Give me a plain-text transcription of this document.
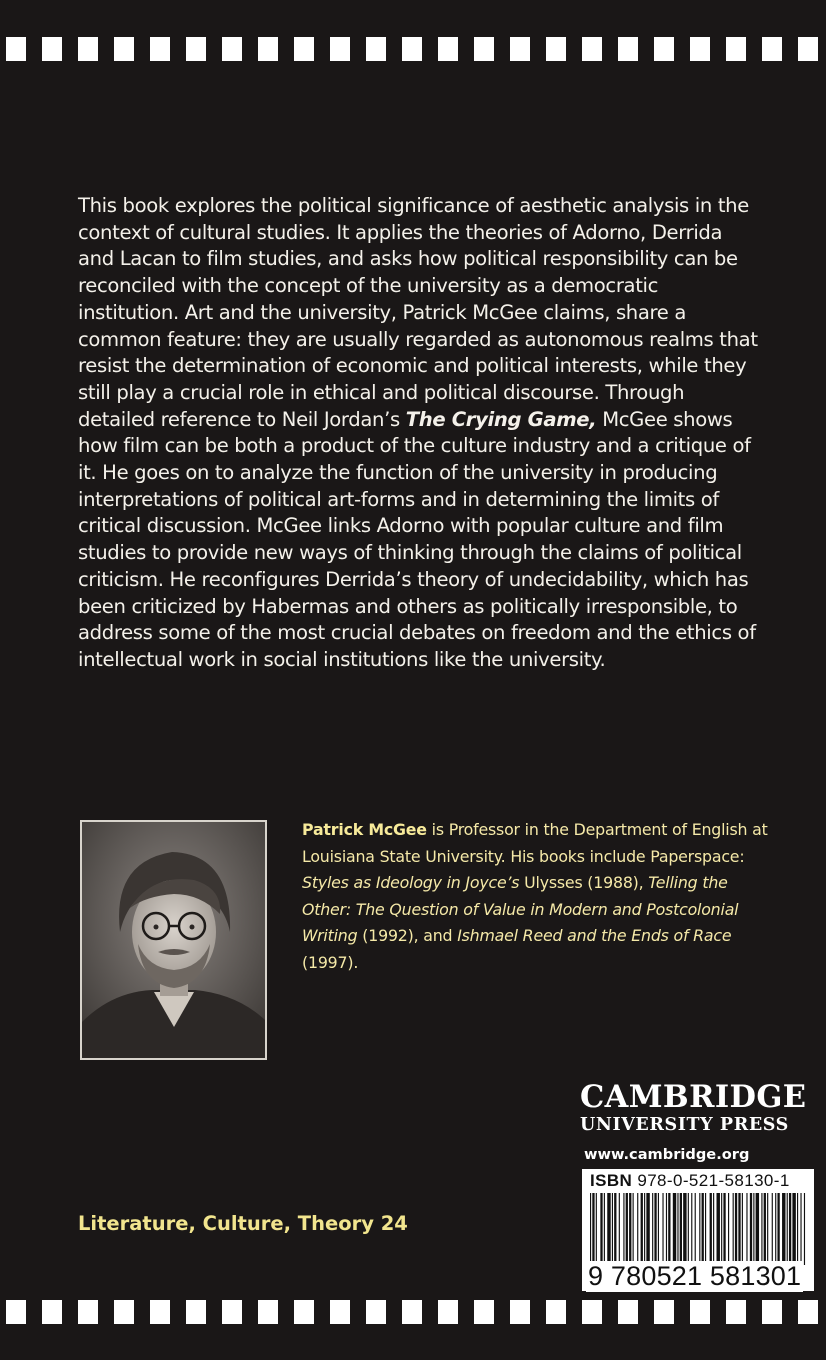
This book explores the political significance of aesthetic analysis in the context of cultural studies. It applies the theories of Adorno, Derrida and Lacan to film studies, and asks how political responsibility can be reconciled with the concept of the university as a democratic institution. Art and the university, Patrick McGee claims, share a common feature: they are usually regarded as autonomous realms that resist the determination of economic and political interests, while they still play a crucial role in ethical and political discourse. Through detailed reference to Neil Jordan’s The Crying Game, McGee shows how film can be both a product of the culture industry and a critique of it. He goes on to analyze the function of the university in producing interpretations of political art-forms and in determining the limits of critical discussion. McGee links Adorno with popular culture and film studies to provide new ways of thinking through the claims of political criticism. He reconfigures Derrida’s theory of undecidability, which has been criticized by Habermas and others as politically irresponsible, to address some of the most crucial debates on freedom and the ethics of intellectual work in social institutions like the university.

Patrick McGee is Professor in the Department of English at Louisiana State University. His books include Paperspace: Styles as Ideology in Joyce’s Ulysses (1988), Telling the Other: The Question of Value in Modern and Postcolonial Writing (1992), and Ishmael Reed and the Ends of Race (1997).

CAMBRIDGE
UNIVERSITY PRESS
www.cambridge.org
ISBN 978-0-521-58130-1
9 780521 581301
Literature, Culture, Theory 24
